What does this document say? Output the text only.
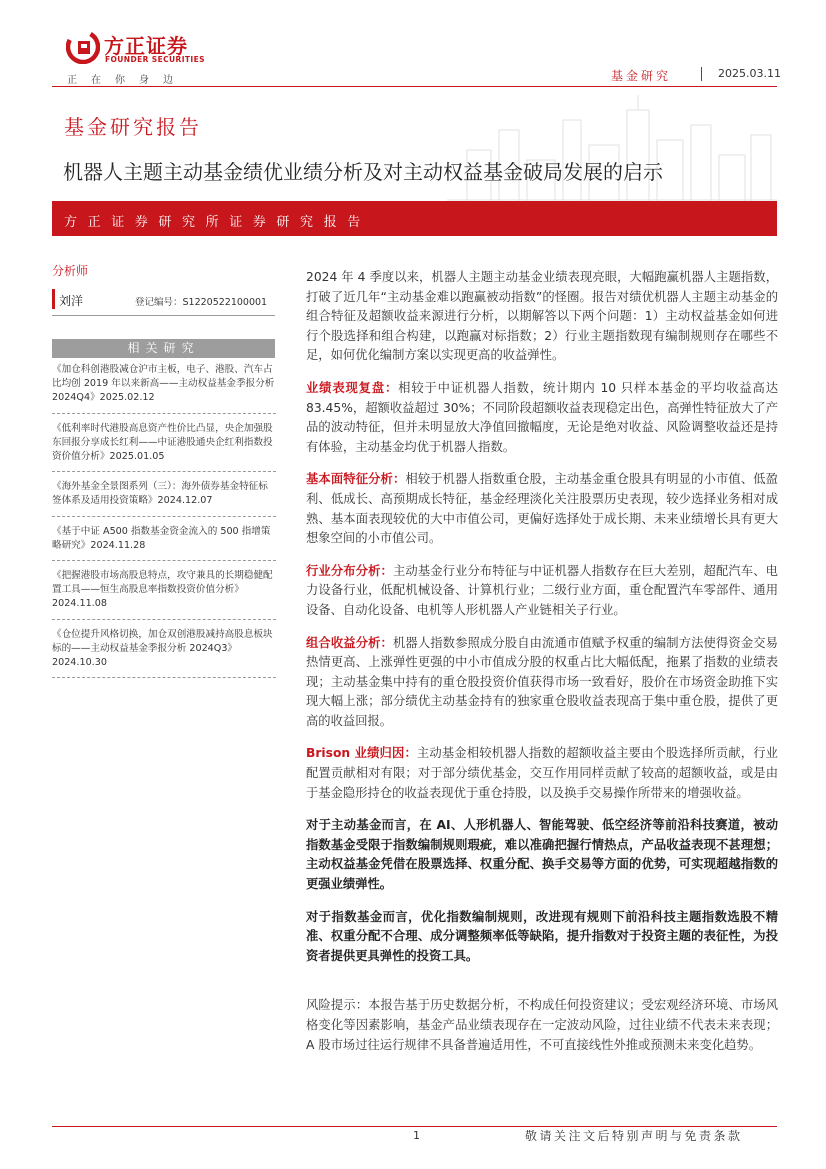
方正证券
FOUNDER SECURITIES
正在你身边	基金研究	2025.03.11
基金研究报告
机器人主题主动基金绩优业绩分析及对主动权益基金破局发展的启示
方正证券研究所证券研究报告
分析师
刘洋	登记编号：S1220522100001
相关研究
《加仓科创港股减仓沪市主板，电子、港股、汽车占比均创 2019 年以来新高——主动权益基金季报分析 2024Q4》2025.02.12
《低利率时代港股高息资产性价比凸显，央企加强股东回报分享成长红利——中证港股通央企红利指数投资价值分析》2025.01.05
《海外基金全景图系列（三）：海外债券基金特征标签体系及适用投资策略》2024.12.07
《基于中证 A500 指数基金资金流入的 500 指增策略研究》2024.11.28
《把握港股市场高股息特点，攻守兼具的长期稳健配置工具——恒生高股息率指数投资价值分析》2024.11.08
《仓位提升风格切换，加仓双创港股减持高股息板块标的——主动权益基金季报分析 2024Q3》2024.10.30

2024 年 4 季度以来，机器人主题主动基金业绩表现亮眼，大幅跑赢机器人主题指数，打破了近几年“主动基金难以跑赢被动指数”的怪圈。报告对绩优机器人主题主动基金的组合特征及超额收益来源进行分析，以期解答以下两个问题：1）主动权益基金如何进行个股选择和组合构建，以跑赢对标指数；2）行业主题指数现有编制规则存在哪些不足，如何优化编制方案以实现更高的收益弹性。

业绩表现复盘：相较于中证机器人指数，统计期内 10 只样本基金的平均收益高达 83.45%，超额收益超过 30%；不同阶段超额收益表现稳定出色，高弹性特征放大了产品的波动特征，但并未明显放大净值回撤幅度，无论是绝对收益、风险调整收益还是持有体验，主动基金均优于机器人指数。

基本面特征分析：相较于机器人指数重仓股，主动基金重仓股具有明显的小市值、低盈利、低成长、高预期成长特征，基金经理淡化关注股票历史表现，较少选择业务相对成熟、基本面表现较优的大中市值公司，更偏好选择处于成长期、未来业绩增长具有更大想象空间的小市值公司。

行业分布分析：主动基金行业分布特征与中证机器人指数存在巨大差别，超配汽车、电力设备行业，低配机械设备、计算机行业；二级行业方面，重仓配置汽车零部件、通用设备、自动化设备、电机等人形机器人产业链相关子行业。

组合收益分析：机器人指数参照成分股自由流通市值赋予权重的编制方法使得资金交易热情更高、上涨弹性更强的中小市值成分股的权重占比大幅低配，拖累了指数的业绩表现；主动基金集中持有的重仓股投资价值获得市场一致看好，股价在市场资金助推下实现大幅上涨；部分绩优主动基金持有的独家重仓股收益表现高于集中重仓股，提供了更高的收益回报。

Brison 业绩归因：主动基金相较机器人指数的超额收益主要由个股选择所贡献，行业配置贡献相对有限；对于部分绩优基金，交互作用同样贡献了较高的超额收益，或是由于基金隐形持仓的收益表现优于重仓持股，以及换手交易操作所带来的增强收益。

对于主动基金而言，在 AI、人形机器人、智能驾驶、低空经济等前沿科技赛道，被动指数基金受限于指数编制规则瑕疵，难以准确把握行情热点，产品收益表现不甚理想；主动权益基金凭借在股票选择、权重分配、换手交易等方面的优势，可实现超越指数的更强业绩弹性。

对于指数基金而言，优化指数编制规则，改进现有规则下前沿科技主题指数选股不精准、权重分配不合理、成分调整频率低等缺陷，提升指数对于投资主题的表征性，为投资者提供更具弹性的投资工具。

风险提示：本报告基于历史数据分析，不构成任何投资建议；受宏观经济环境、市场风格变化等因素影响，基金产品业绩表现存在一定波动风险，过往业绩不代表未来表现；A 股市场过往运行规律不具备普遍适用性，不可直接线性外推或预测未来变化趋势。

1	敬请关注文后特别声明与免责条款
